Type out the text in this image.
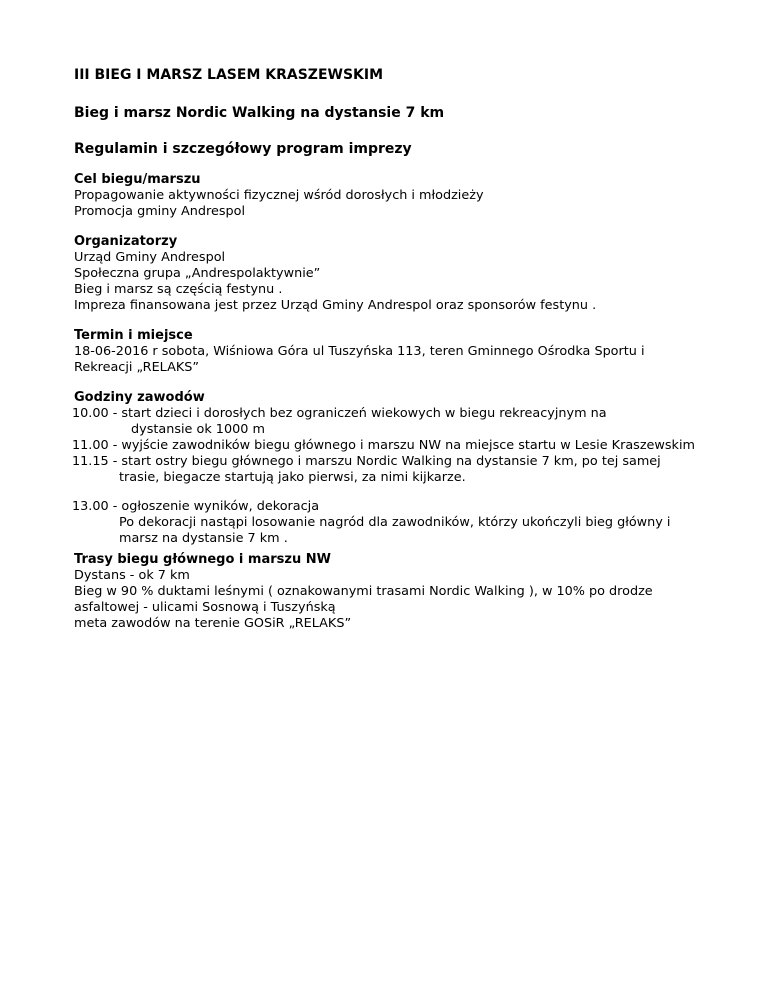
III BIEG I MARSZ LASEM KRASZEWSKIM
Bieg i marsz Nordic Walking na dystansie 7 km
Regulamin i szczegółowy program imprezy
Cel biegu/marszu
Propagowanie aktywności fizycznej wśród dorosłych i młodzieży
Promocja gminy Andrespol
Organizatorzy
Urząd Gminy Andrespol
Społeczna grupa „Andrespolaktywnie”
Bieg i marsz są częścią festynu .
Impreza finansowana jest przez Urząd Gminy Andrespol oraz sponsorów festynu .
Termin i miejsce
18-06-2016 r sobota, Wiśniowa Góra ul Tuszyńska 113, teren Gminnego Ośrodka Sportu i
Rekreacji „RELAKS”
Godziny zawodów
10.00 - start dzieci i dorosłych bez ograniczeń wiekowych w biegu rekreacyjnym na
dystansie ok 1000 m
11.00 - wyjście zawodników biegu głównego i marszu NW na miejsce startu w Lesie Kraszewskim
11.15 - start ostry biegu głównego i marszu Nordic Walking na dystansie 7 km, po tej samej
trasie, biegacze startują jako pierwsi, za nimi kijkarze.
13.00 - ogłoszenie wyników, dekoracja
Po dekoracji nastąpi losowanie nagród dla zawodników, którzy ukończyli bieg główny i
marsz na dystansie 7 km .
Trasy biegu głównego i marszu NW
Dystans - ok 7 km
Bieg w 90 % duktami leśnymi ( oznakowanymi trasami Nordic Walking ), w 10% po drodze
asfaltowej - ulicami Sosnową i Tuszyńską
meta zawodów na terenie GOSiR „RELAKS”
